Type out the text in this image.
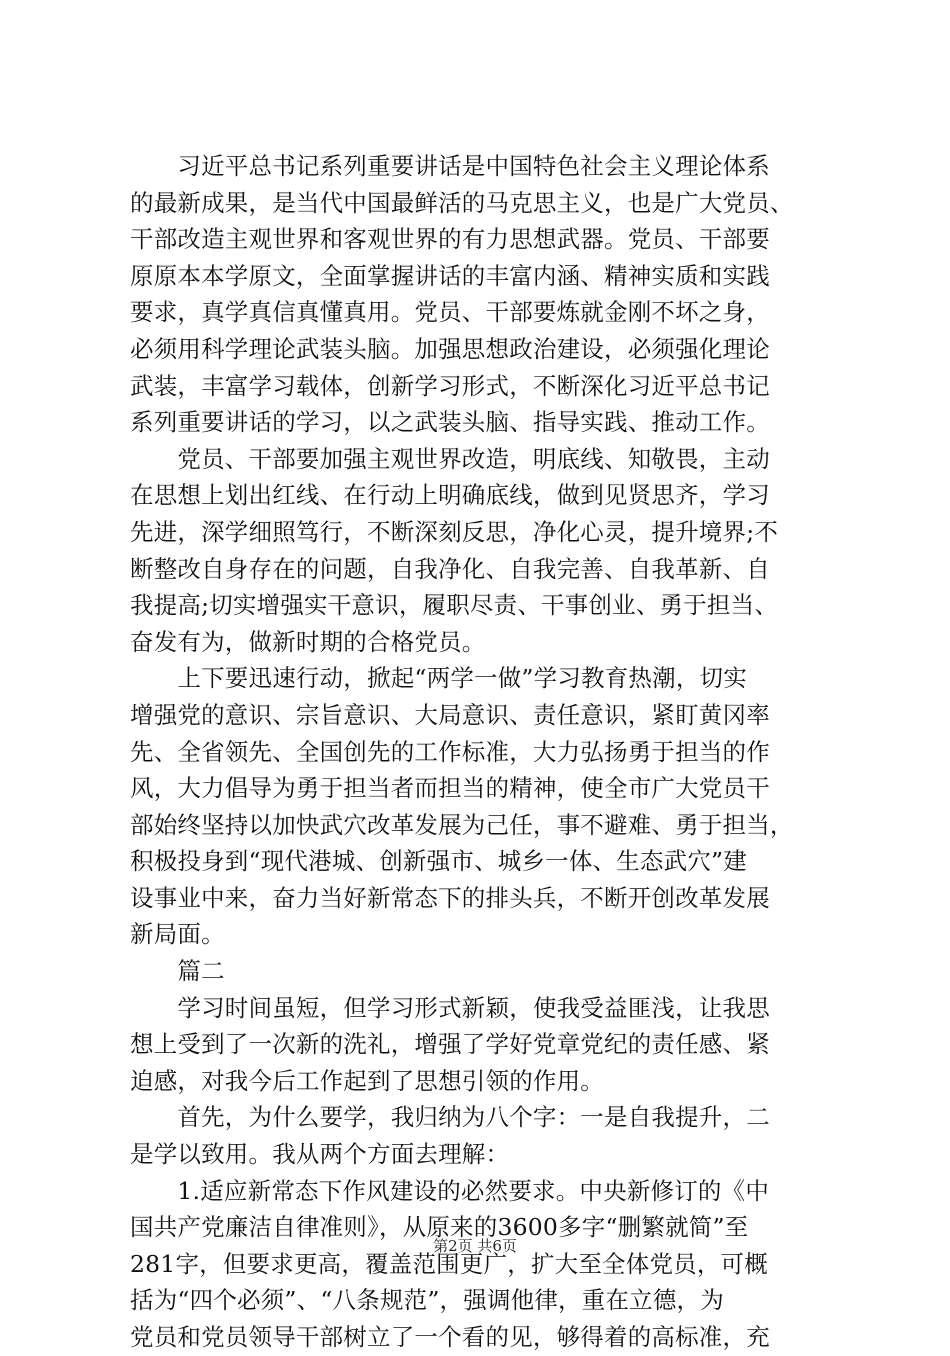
　　习近平总书记系列重要讲话是中国特色社会主义理论体系
的最新成果，是当代中国最鲜活的马克思主义，也是广大党员、
干部改造主观世界和客观世界的有力思想武器。党员、干部要
原原本本学原文，全面掌握讲话的丰富内涵、精神实质和实践
要求，真学真信真懂真用。党员、干部要炼就金刚不坏之身，
必须用科学理论武装头脑。加强思想政治建设，必须强化理论
武装，丰富学习载体，创新学习形式，不断深化习近平总书记
系列重要讲话的学习，以之武装头脑、指导实践、推动工作。
　　党员、干部要加强主观世界改造，明底线、知敬畏，主动
在思想上划出红线、在行动上明确底线，做到见贤思齐，学习
先进，深学细照笃行，不断深刻反思，净化心灵，提升境界;不
断整改自身存在的问题，自我净化、自我完善、自我革新、自
我提高;切实增强实干意识，履职尽责、干事创业、勇于担当、
奋发有为，做新时期的合格党员。
　　上下要迅速行动，掀起“两学一做”学习教育热潮，切实
增强党的意识、宗旨意识、大局意识、责任意识，紧盯黄冈率
先、全省领先、全国创先的工作标准，大力弘扬勇于担当的作
风，大力倡导为勇于担当者而担当的精神，使全市广大党员干
部始终坚持以加快武穴改革发展为己任，事不避难、勇于担当，
积极投身到“现代港城、创新强市、城乡一体、生态武穴”建
设事业中来，奋力当好新常态下的排头兵，不断开创改革发展
新局面。
　　篇二
　　学习时间虽短，但学习形式新颖，使我受益匪浅，让我思
想上受到了一次新的洗礼，增强了学好党章党纪的责任感、紧
迫感，对我今后工作起到了思想引领的作用。
　　首先，为什么要学，我归纳为八个字：一是自我提升，二
是学以致用。我从两个方面去理解：
　　1.适应新常态下作风建设的必然要求。中央新修订的《中
国共产党廉洁自律准则》，从原来的3600多字“删繁就简”至
281字，但要求更高，覆盖范围更广，扩大至全体党员，可概
括为“四个必须”、“八条规范”，强调他律，重在立德，为
党员和党员领导干部树立了一个看的见，够得着的高标准，充
第2页 共6页
